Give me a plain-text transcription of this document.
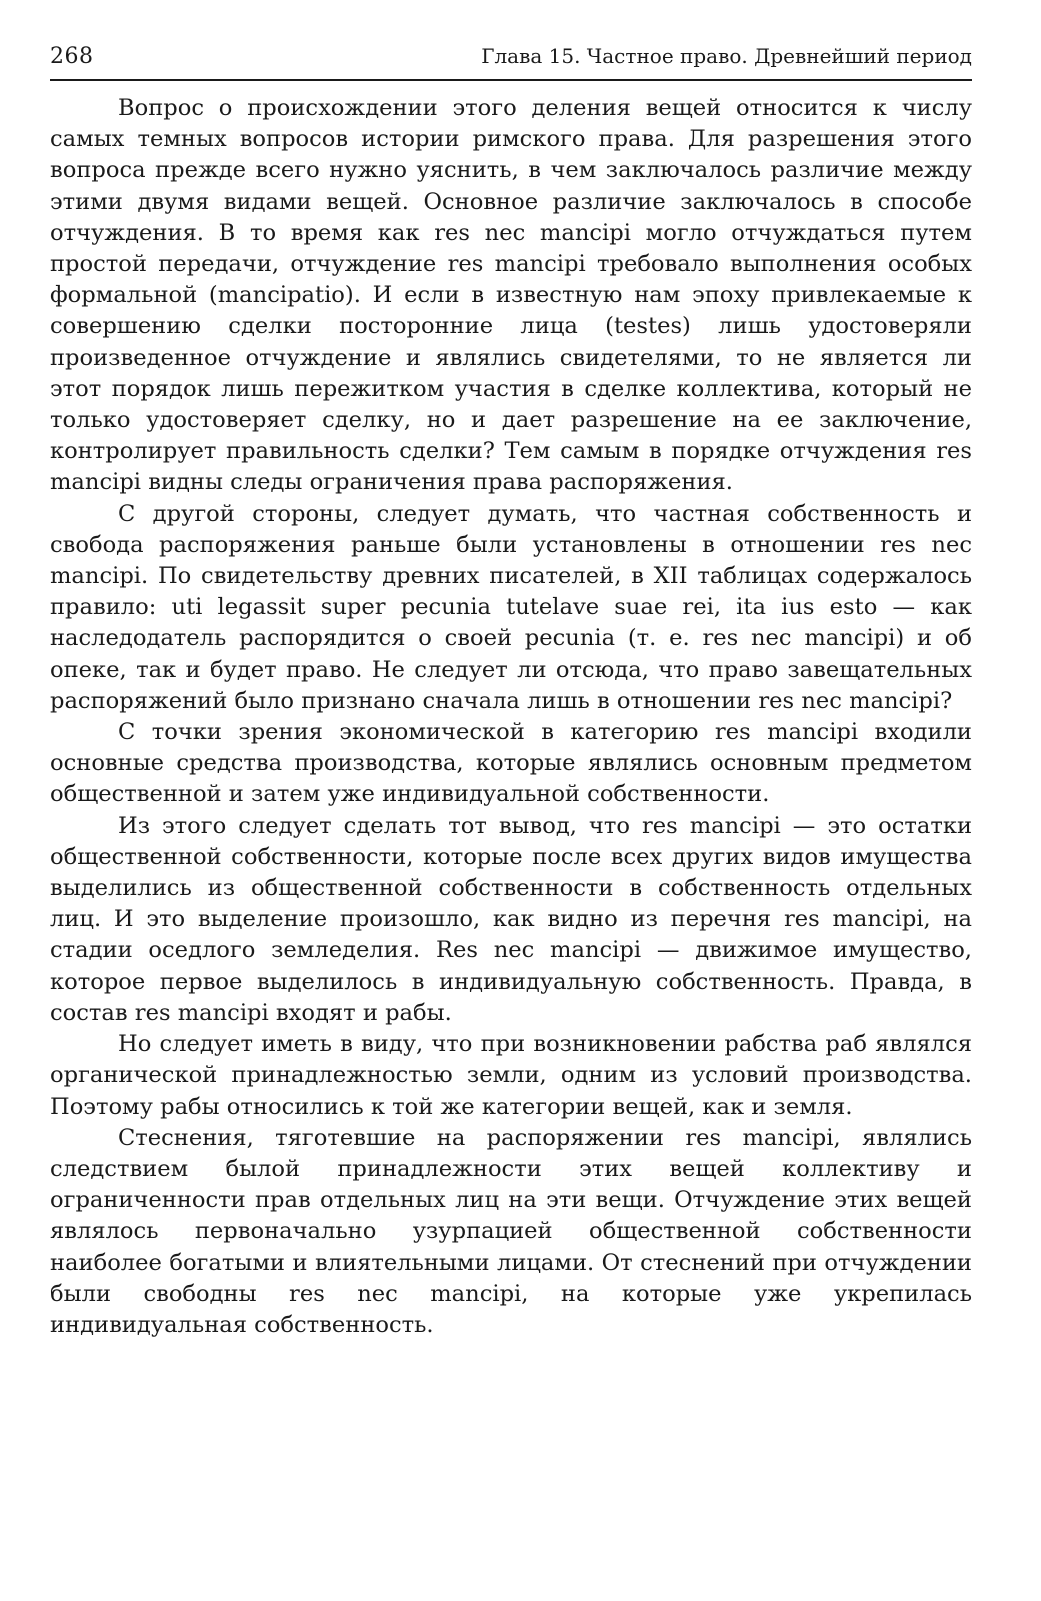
268	Глава 15. Частное право. Древнейший период

Вопрос о происхождении этого деления вещей относится к числу самых темных вопросов истории римского права. Для разрешения этого вопроса прежде всего нужно уяснить, в чем заключалось различие между этими двумя видами вещей. Основное различие заключалось в способе отчуждения. В то время как res nec mancipi могло отчуждаться путем простой передачи, отчуждение res mancipi требовало выполнения особых формальной (mancipatio). И если в известную нам эпоху привлекаемые к совершению сделки посторонние лица (testes) лишь удостоверяли произведенное отчуждение и являлись свидетелями, то не является ли этот порядок лишь пережитком участия в сделке коллектива, который не только удостоверяет сделку, но и дает разрешение на ее заключение, контролирует правильность сделки? Тем самым в порядке отчуждения res mancipi видны следы ограничения права распоряжения.

С другой стороны, следует думать, что частная собственность и свобода распоряжения раньше были установлены в отношении res nec mancipi. По свидетельству древних писателей, в XII таблицах содержалось правило: uti legassit super pecunia tutelave suae rei, ita ius esto — как наследодатель распорядится о своей pecunia (т. е. res nec mancipi) и об опеке, так и будет право. Не следует ли отсюда, что право завещательных распоряжений было признано сначала лишь в отношении res nec mancipi?

С точки зрения экономической в категорию res mancipi входили основные средства производства, которые являлись основным предметом общественной и затем уже индивидуальной собственности.

Из этого следует сделать тот вывод, что res mancipi — это остатки общественной собственности, которые после всех других видов имущества выделились из общественной собственности в собственность отдельных лиц. И это выделение произошло, как видно из перечня res mancipi, на стадии оседлого земледелия. Res nec mancipi — движимое имущество, которое первое выделилось в индивидуальную собственность. Правда, в состав res mancipi входят и рабы.

Но следует иметь в виду, что при возникновении рабства раб являлся органической принадлежностью земли, одним из условий производства. Поэтому рабы относились к той же категории вещей, как и земля.

Стеснения, тяготевшие на распоряжении res mancipi, являлись следствием былой принадлежности этих вещей коллективу и ограниченности прав отдельных лиц на эти вещи. Отчуждение этих вещей являлось первоначально узурпацией общественной собственности наиболее богатыми и влиятельными лицами. От стеснений при отчуждении были свободны res nec mancipi, на которые уже укрепилась индивидуальная собственность.
